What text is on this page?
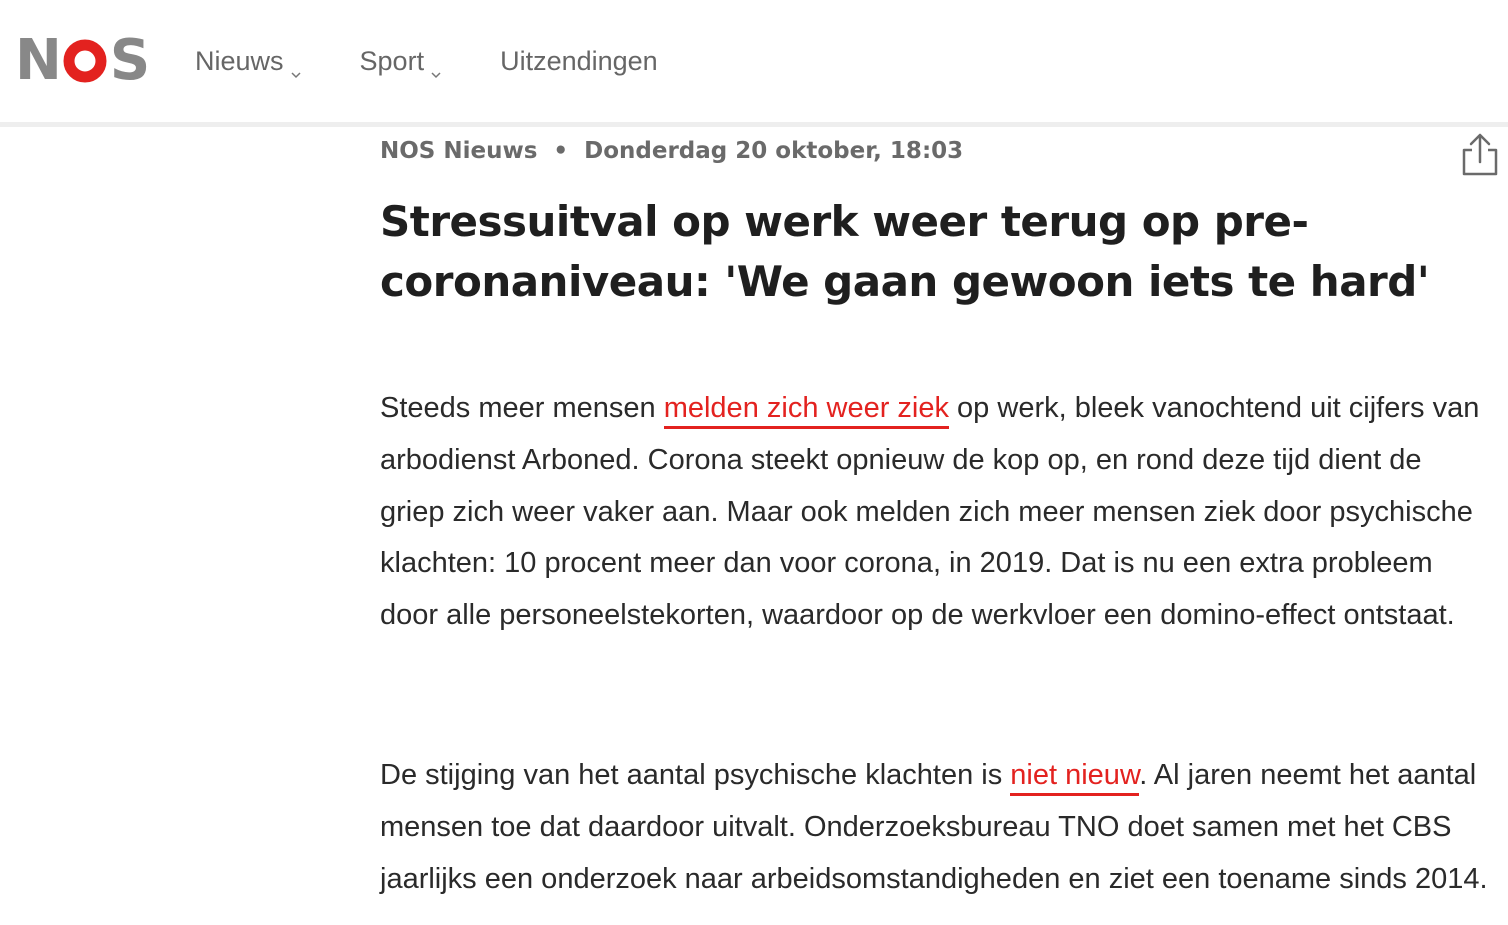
N S Nieuws	Sport	Uitzendingen
NOS Nieuws • Donderdag 20 oktober, 18:03
Stressuitval op werk weer terug op pre-coronaniveau: 'We gaan gewoon iets te hard'

Steeds meer mensen melden zich weer ziek op werk, bleek vanochtend uit cijfers van arbodienst Arboned. Corona steekt opnieuw de kop op, en rond deze tijd dient de griep zich weer vaker aan. Maar ook melden zich meer mensen ziek door psychische klachten: 10 procent meer dan voor corona, in 2019. Dat is nu een extra probleem door alle personeelstekorten, waardoor op de werkvloer een domino-effect ontstaat.

De stijging van het aantal psychische klachten is niet nieuw. Al jaren neemt het aantal mensen toe dat daardoor uitvalt. Onderzoeksbureau TNO doet samen met het CBS jaarlijks een onderzoek naar arbeidsomstandigheden en ziet een toename sinds 2014.
